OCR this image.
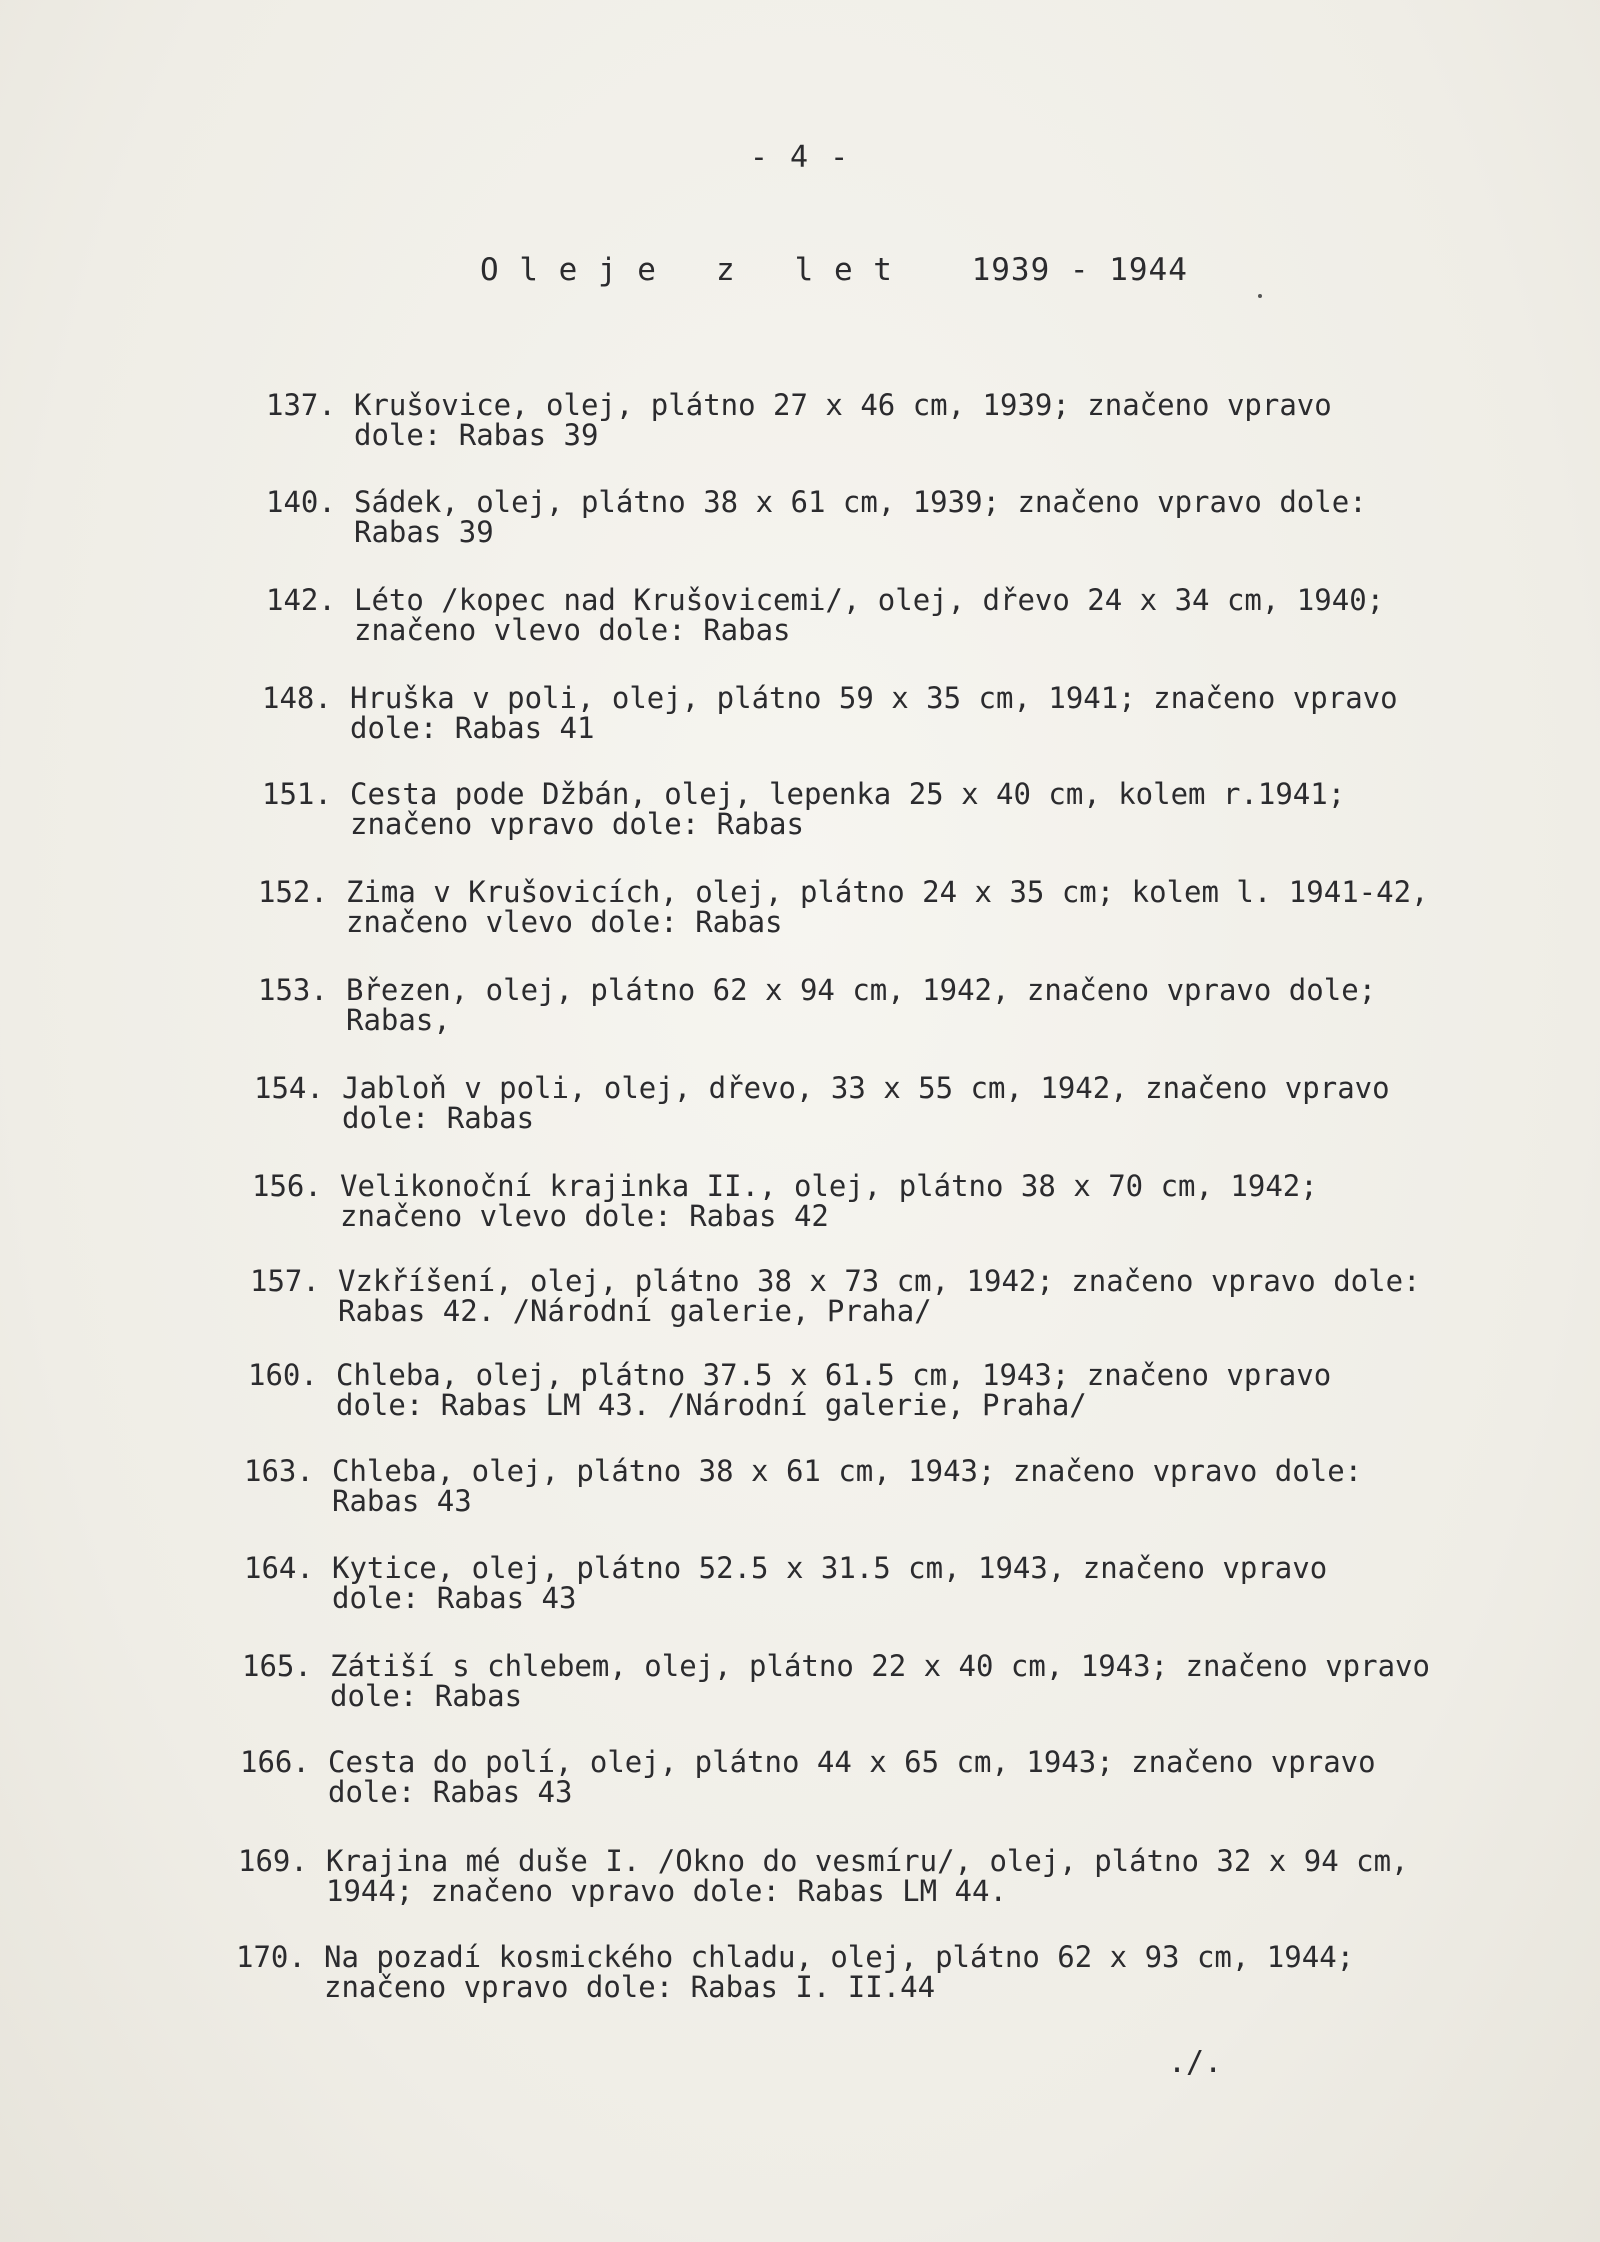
- 4 -
O l e j e   z   l e t    1939 - 1944
137. Krušovice, olej, plátno 27 x 46 cm, 1939; značeno vpravo
dole: Rabas 39
140. Sádek, olej, plátno 38 x 61 cm, 1939; značeno vpravo dole:
Rabas 39
142. Léto /kopec nad Krušovicemi/, olej, dřevo 24 x 34 cm, 1940;
značeno vlevo dole: Rabas
148. Hruška v poli, olej, plátno 59 x 35 cm, 1941; značeno vpravo
dole: Rabas 41
151. Cesta pode Džbán, olej, lepenka 25 x 40 cm, kolem r.1941;
značeno vpravo dole: Rabas
152. Zima v Krušovicích, olej, plátno 24 x 35 cm; kolem l. 1941-42,
značeno vlevo dole: Rabas
153. Březen, olej, plátno 62 x 94 cm, 1942, značeno vpravo dole;
Rabas,
154. Jabloň v poli, olej, dřevo, 33 x 55 cm, 1942, značeno vpravo
dole: Rabas
156. Velikonoční krajinka II., olej, plátno 38 x 70 cm, 1942;
značeno vlevo dole: Rabas 42
157. Vzkříšení, olej, plátno 38 x 73 cm, 1942; značeno vpravo dole:
Rabas 42. /Národní galerie, Praha/
160. Chleba, olej, plátno 37.5 x 61.5 cm, 1943; značeno vpravo
dole: Rabas LM 43. /Národní galerie, Praha/
163. Chleba, olej, plátno 38 x 61 cm, 1943; značeno vpravo dole:
Rabas 43
164. Kytice, olej, plátno 52.5 x 31.5 cm, 1943, značeno vpravo
dole: Rabas 43
165. Zátiší s chlebem, olej, plátno 22 x 40 cm, 1943; značeno vpravo
dole: Rabas
166. Cesta do polí, olej, plátno 44 x 65 cm, 1943; značeno vpravo
dole: Rabas 43
169. Krajina mé duše I. /Okno do vesmíru/, olej, plátno 32 x 94 cm,
1944; značeno vpravo dole: Rabas LM 44.
170. Na pozadí kosmického chladu, olej, plátno 62 x 93 cm, 1944;
značeno vpravo dole: Rabas I. II.44
./.
